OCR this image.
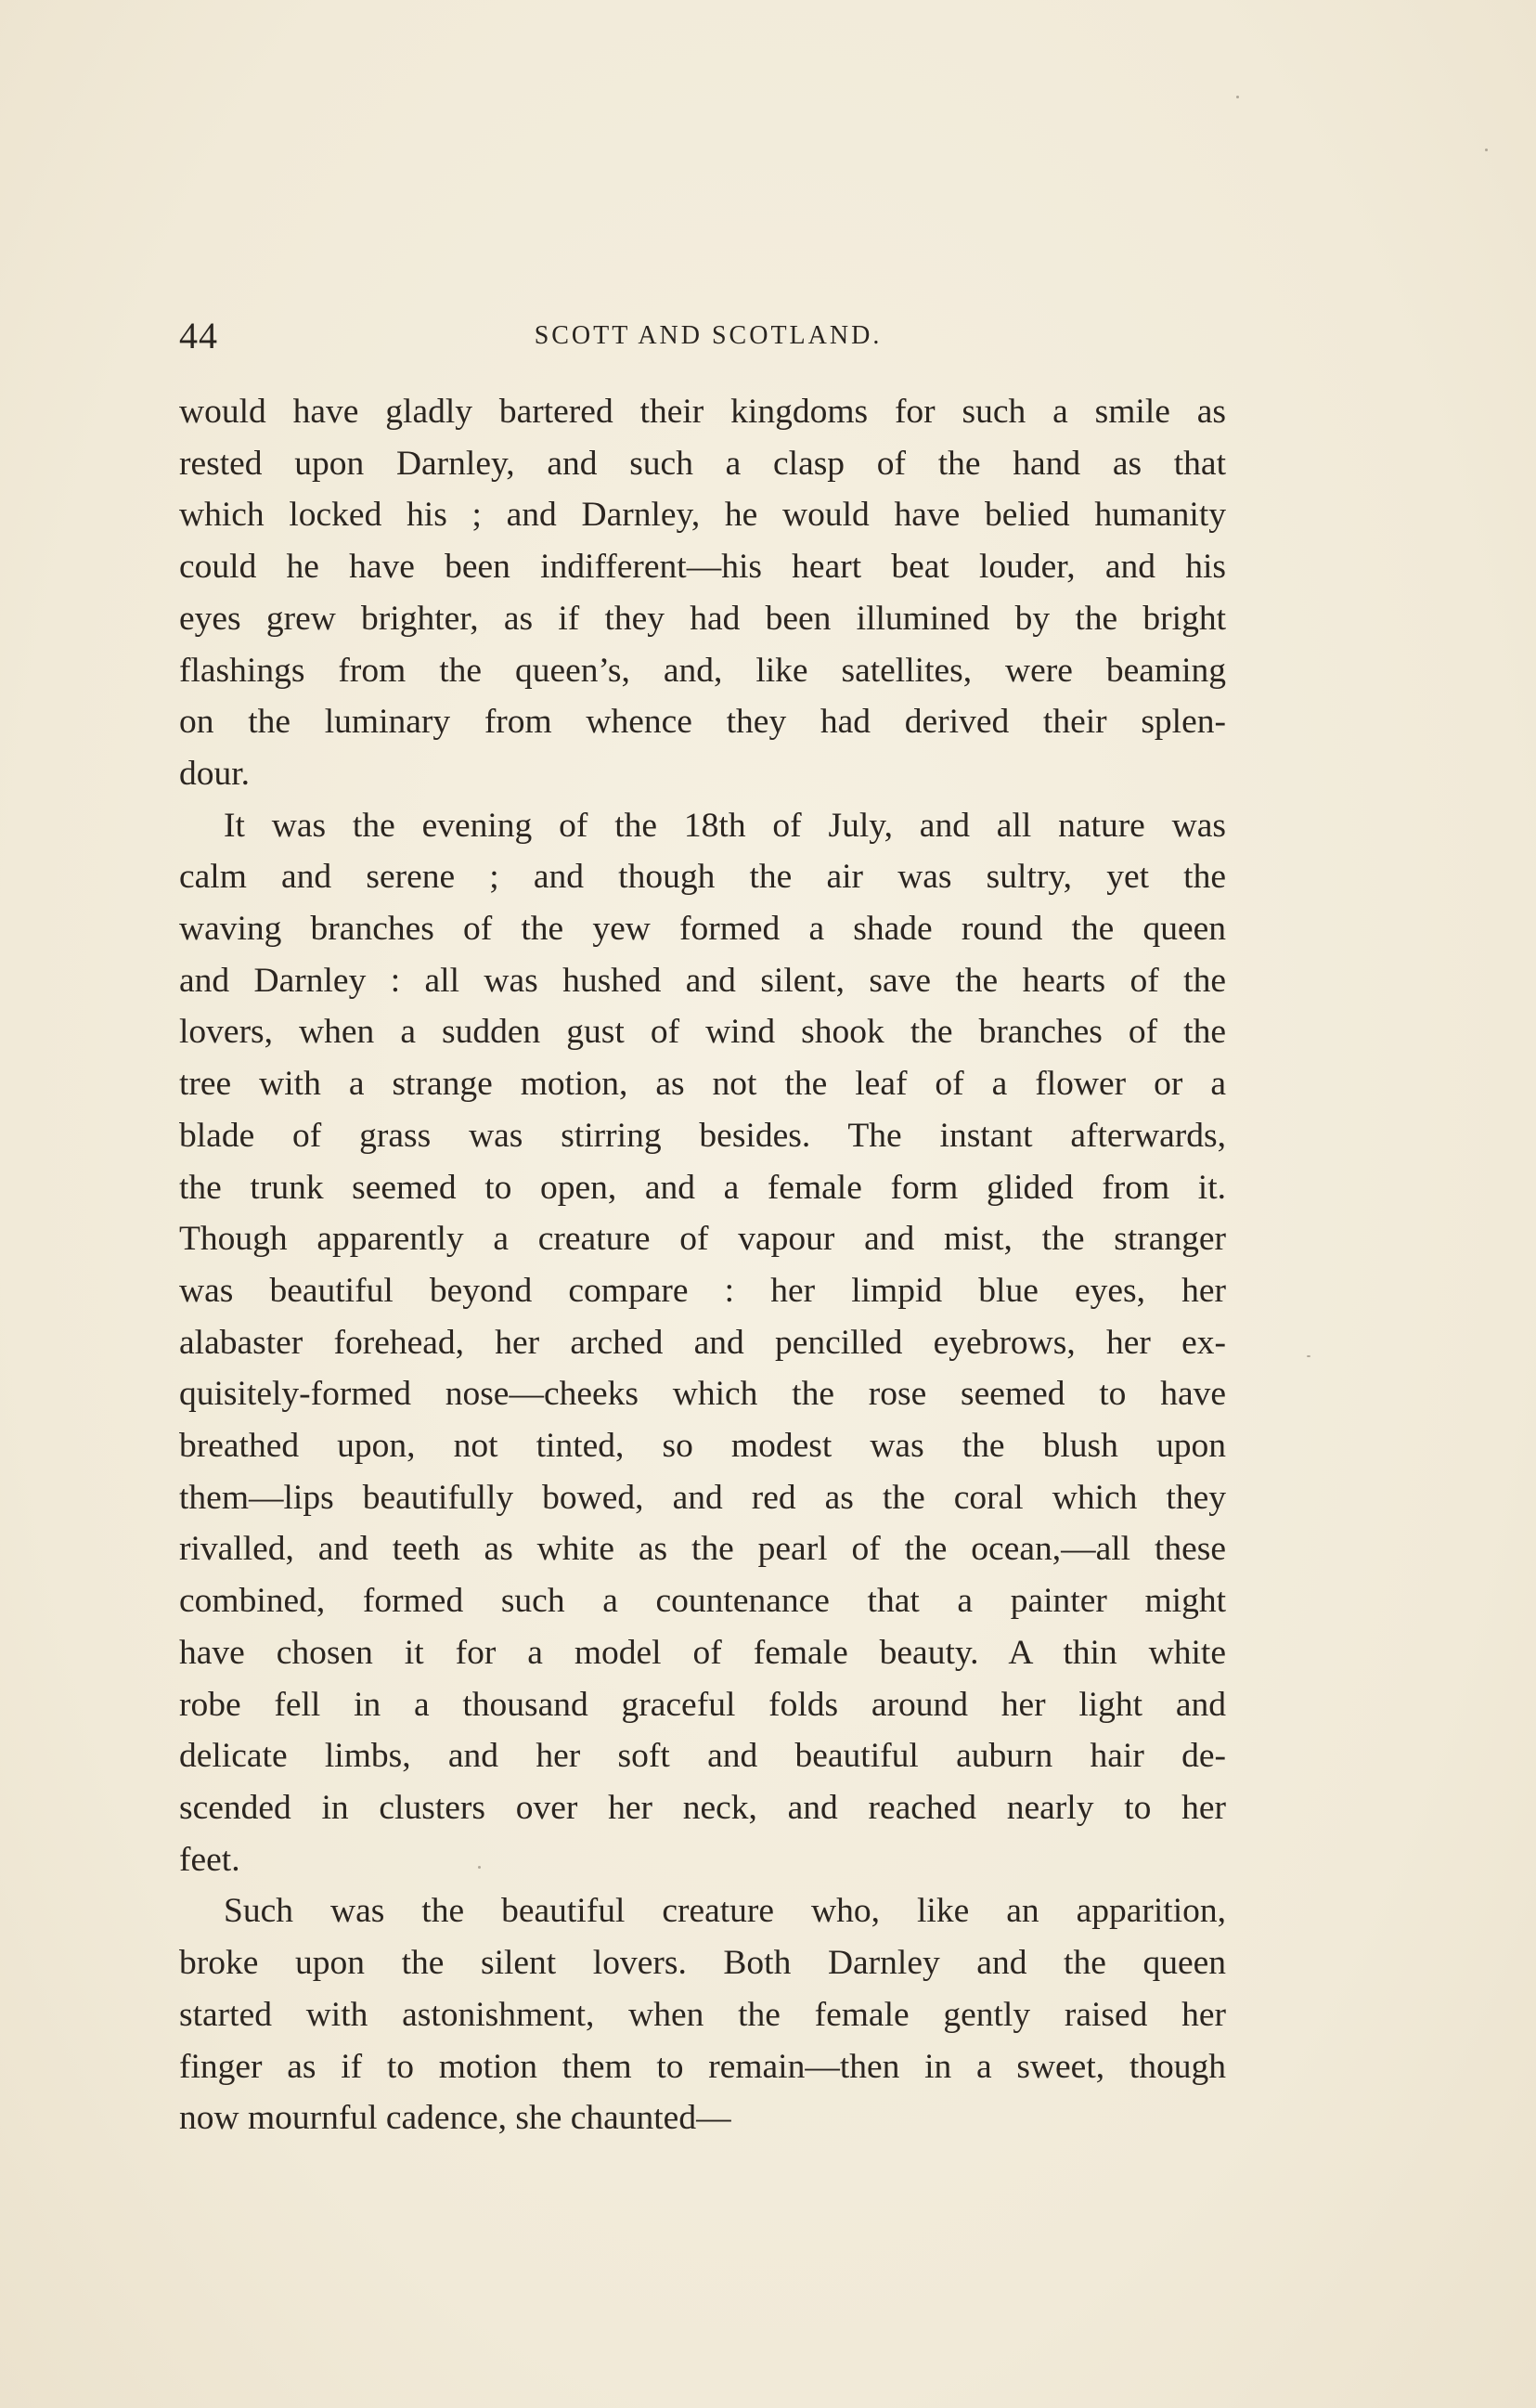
44	SCOTT AND SCOTLAND.
would have gladly bartered their kingdoms for such a smile as
rested upon Darnley, and such a clasp of the hand as that
which locked his ; and Darnley, he would have belied humanity
could he have been indifferent—his heart beat louder, and his
eyes grew brighter, as if they had been illumined by the bright
flashings from the queen’s, and, like satellites, were beaming
on the luminary from whence they had derived their splen-
dour.
It was the evening of the 18th of July, and all nature was
calm and serene ; and though the air was sultry, yet the
waving branches of the yew formed a shade round the queen
and Darnley : all was hushed and silent, save the hearts of the
lovers, when a sudden gust of wind shook the branches of the
tree with a strange motion, as not the leaf of a flower or a
blade of grass was stirring besides. The instant afterwards,
the trunk seemed to open, and a female form glided from it.
Though apparently a creature of vapour and mist, the stranger
was beautiful beyond compare : her limpid blue eyes, her
alabaster forehead, her arched and pencilled eyebrows, her ex-
quisitely-formed nose—cheeks which the rose seemed to have
breathed upon, not tinted, so modest was the blush upon
them—lips beautifully bowed, and red as the coral which they
rivalled, and teeth as white as the pearl of the ocean,—all these
combined, formed such a countenance that a painter might
have chosen it for a model of female beauty. A thin white
robe fell in a thousand graceful folds around her light and
delicate limbs, and her soft and beautiful auburn hair de-
scended in clusters over her neck, and reached nearly to her
feet.
Such was the beautiful creature who, like an apparition,
broke upon the silent lovers. Both Darnley and the queen
started with astonishment, when the female gently raised her
finger as if to motion them to remain—then in a sweet, though
now mournful cadence, she chaunted—
